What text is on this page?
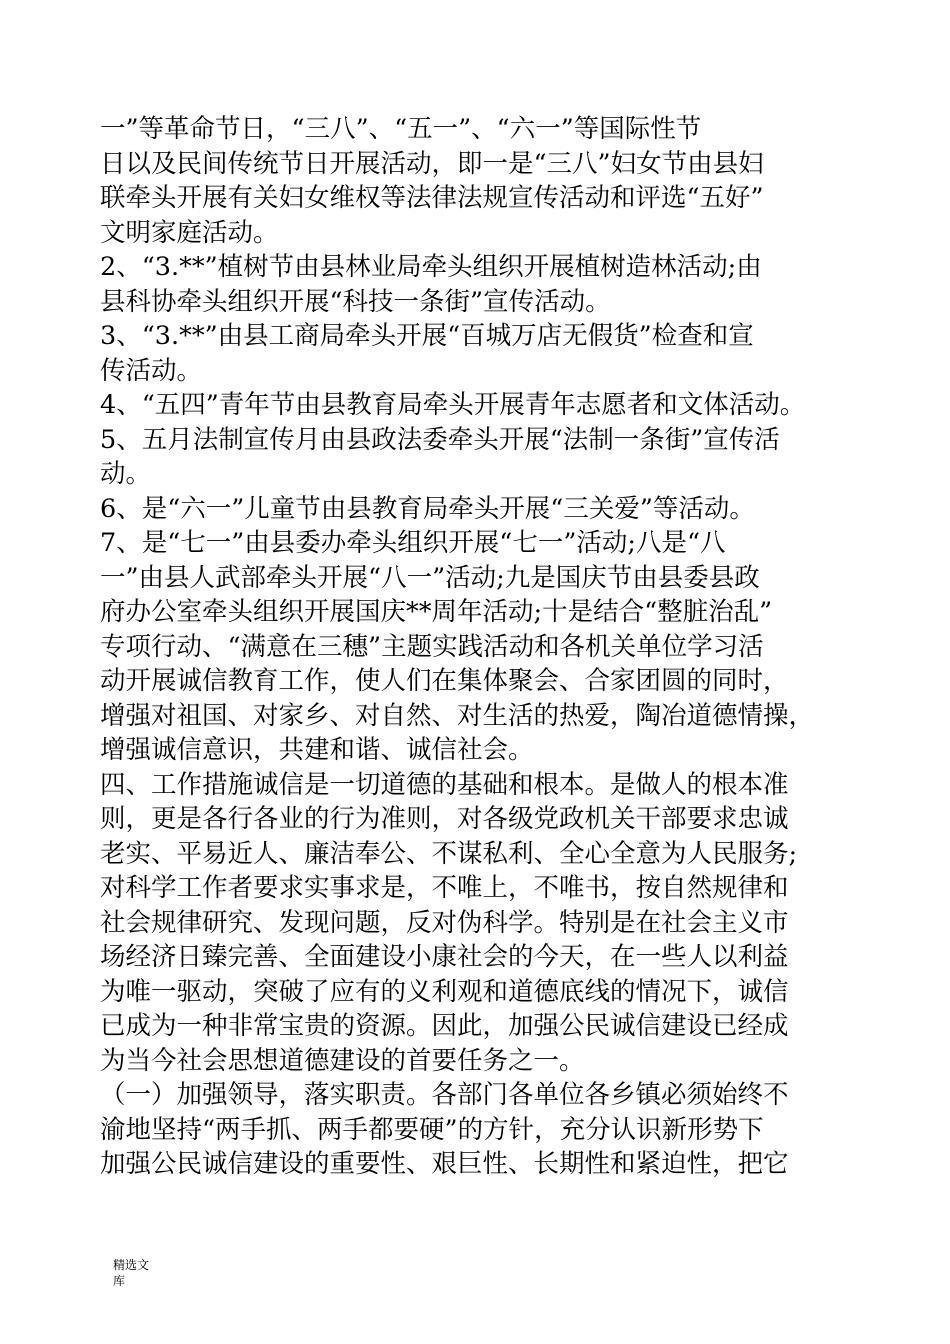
一”等革命节日，“三八”、“五一”、“六一”等国际性节
日以及民间传统节日开展活动，即一是“三八”妇女节由县妇
联牵头开展有关妇女维权等法律法规宣传活动和评选“五好”
文明家庭活动。
2、“3.**”植树节由县林业局牵头组织开展植树造林活动;由
县科协牵头组织开展“科技一条街”宣传活动。
3、“3.**”由县工商局牵头开展“百城万店无假货”检查和宣
传活动。
4、“五四”青年节由县教育局牵头开展青年志愿者和文体活动。
5、五月法制宣传月由县政法委牵头开展“法制一条街”宣传活
动。
6、是“六一”儿童节由县教育局牵头开展“三关爱”等活动。
7、是“七一”由县委办牵头组织开展“七一”活动;八是“八
一”由县人武部牵头开展“八一”活动;九是国庆节由县委县政
府办公室牵头组织开展国庆**周年活动;十是结合“整脏治乱”
专项行动、“满意在三穗”主题实践活动和各机关单位学习活
动开展诚信教育工作，使人们在集体聚会、合家团圆的同时，
增强对祖国、对家乡、对自然、对生活的热爱，陶冶道德情操，
增强诚信意识，共建和谐、诚信社会。
四、工作措施诚信是一切道德的基础和根本。是做人的根本准
则，更是各行各业的行为准则，对各级党政机关干部要求忠诚
老实、平易近人、廉洁奉公、不谋私利、全心全意为人民服务;
对科学工作者要求实事求是，不唯上，不唯书，按自然规律和
社会规律研究、发现问题，反对伪科学。特别是在社会主义市
场经济日臻完善、全面建设小康社会的今天，在一些人以利益
为唯一驱动，突破了应有的义利观和道德底线的情况下，诚信
已成为一种非常宝贵的资源。因此，加强公民诚信建设已经成
为当今社会思想道德建设的首要任务之一。
（一）加强领导，落实职责。各部门各单位各乡镇必须始终不
渝地坚持“两手抓、两手都要硬”的方针，充分认识新形势下
加强公民诚信建设的重要性、艰巨性、长期性和紧迫性，把它
精选文
库
